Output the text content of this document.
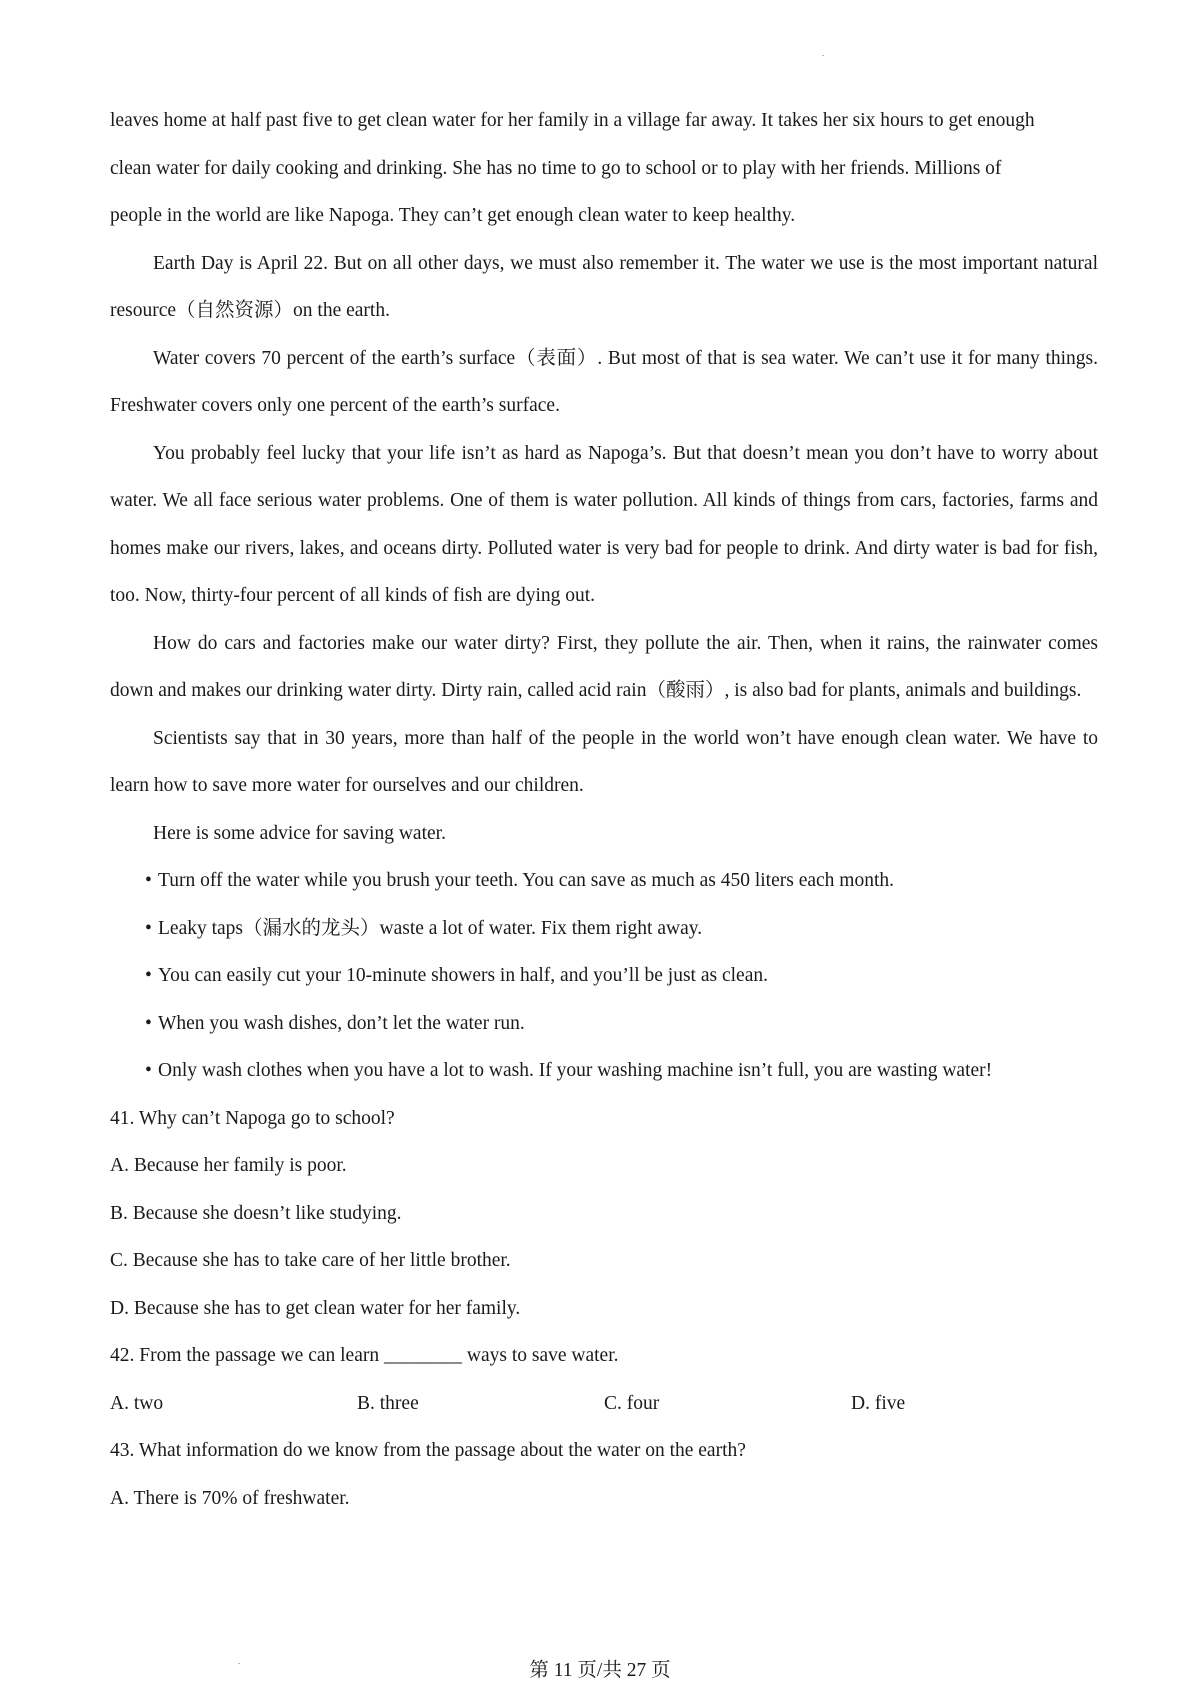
leaves home at half past five to get clean water for her family in a village far away. It takes her six hours to get enough

clean water for daily cooking and drinking. She has no time to go to school or to play with her friends. Millions of

people in the world are like Napoga. They can’t get enough clean water to keep healthy.

Earth Day is April 22. But on all other days, we must also remember it. The water we use is the most important natural resource（自然资源）on the earth.

Water covers 70 percent of the earth’s surface（表面）. But most of that is sea water. We can’t use it for many things. Freshwater covers only one percent of the earth’s surface.

You probably feel lucky that your life isn’t as hard as Napoga’s. But that doesn’t mean you don’t have to worry about water. We all face serious water problems. One of them is water pollution. All kinds of things from cars, factories, farms and homes make our rivers, lakes, and oceans dirty. Polluted water is very bad for people to drink. And dirty water is bad for fish, too. Now, thirty-four percent of all kinds of fish are dying out.

How do cars and factories make our water dirty? First, they pollute the air. Then, when it rains, the rainwater comes down and makes our drinking water dirty. Dirty rain, called acid rain（酸雨）, is also bad for plants, animals and buildings.

Scientists say that in 30 years, more than half of the people in the world won’t have enough clean water. We have to learn how to save more water for ourselves and our children.

Here is some advice for saving water.

• Turn off the water while you brush your teeth. You can save as much as 450 liters each month.

• Leaky taps（漏水的龙头）waste a lot of water. Fix them right away.

• You can easily cut your 10-minute showers in half, and you’ll be just as clean.

• When you wash dishes, don’t let the water run.

• Only wash clothes when you have a lot to wash. If your washing machine isn’t full, you are wasting water!

41. Why can’t Napoga go to school?

A. Because her family is poor.

B. Because she doesn’t like studying.

C. Because she has to take care of her little brother.

D. Because she has to get clean water for her family.

42. From the passage we can learn ________ ways to save water.

A. two	B. three	C. four	D. five

43. What information do we know from the passage about the water on the earth?

A. There is 70% of freshwater.

第 11 页/共 27 页
